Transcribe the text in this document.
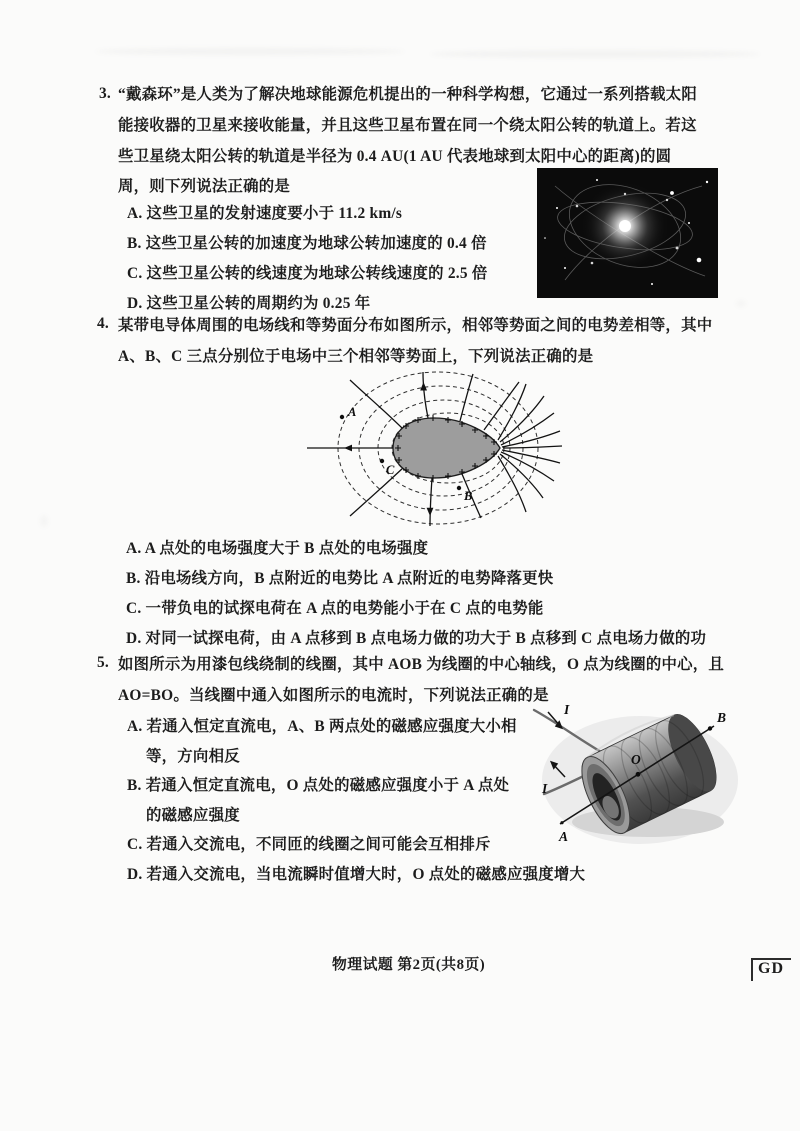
3. “戴森环”是人类为了解决地球能源危机提出的一种科学构想，它通过一系列搭载太阳
能接收器的卫星来接收能量，并且这些卫星布置在同一个绕太阳公转的轨道上。若这
些卫星绕太阳公转的轨道是半径为 0.4 AU(1 AU 代表地球到太阳中心的距离)的圆
周，则下列说法正确的是
A. 这些卫星的发射速度要小于 11.2 km/s
B. 这些卫星公转的加速度为地球公转加速度的 0.4 倍
C. 这些卫星公转的线速度为地球公转线速度的 2.5 倍
D. 这些卫星公转的周期约为 0.25 年
4. 某带电导体周围的电场线和等势面分布如图所示，相邻等势面之间的电势差相等，其中
A、B、C 三点分别位于电场中三个相邻等势面上，下列说法正确的是
A
C
B
A. A 点处的电场强度大于 B 点处的电场强度
B. 沿电场线方向，B 点附近的电势比 A 点附近的电势降落更快
C. 一带负电的试探电荷在 A 点的电势能小于在 C 点的电势能
D. 对同一试探电荷，由 A 点移到 B 点电场力做的功大于 B 点移到 C 点电场力做的功
5. 如图所示为用漆包线绕制的线圈，其中 AOB 为线圈的中心轴线，O 点为线圈的中心，且
AO=BO。当线圈中通入如图所示的电流时，下列说法正确的是
A. 若通入恒定直流电，A、B 两点处的磁感应强度大小相
等，方向相反
B. 若通入恒定直流电，O 点处的磁感应强度小于 A 点处
的磁感应强度
C. 若通入交流电，不同匝的线圈之间可能会互相排斥
D. 若通入交流电，当电流瞬时值增大时，O 点处的磁感应强度增大
I
I
O
B
A
物理试题 第2页(共8页)	GD
